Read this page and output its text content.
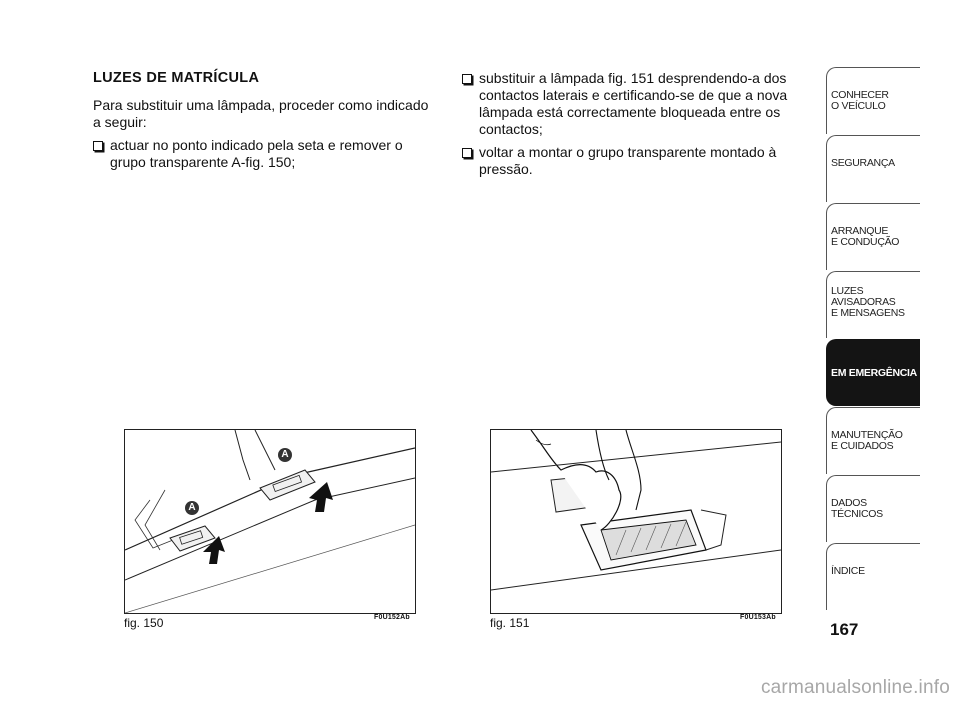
LUZES DE MATRÍCULA

Para substituir uma lâmpada, proceder como indicado a seguir:

actuar no ponto indicado pela seta e remover o grupo transparente A-fig. 150;
substituir a lâmpada fig. 151 desprendendo-a dos contactos laterais e certificando-se de que a nova lâmpada está correctamente bloqueada entre os contactos;
voltar a montar o grupo transparente montado à pressão.
A
A
fig. 150	F0U152Ab	fig. 151	F0U153Ab
CONHECER
O VEÍCULO
SEGURANÇA
ARRANQUE
E CONDUÇÃO
LUZES
AVISADORAS
E MENSAGENS
EM EMERGÊNCIA
MANUTENÇÃO
E CUIDADOS
DADOS
TÉCNICOS
ÍNDICE
167
carmanualsonline.info
